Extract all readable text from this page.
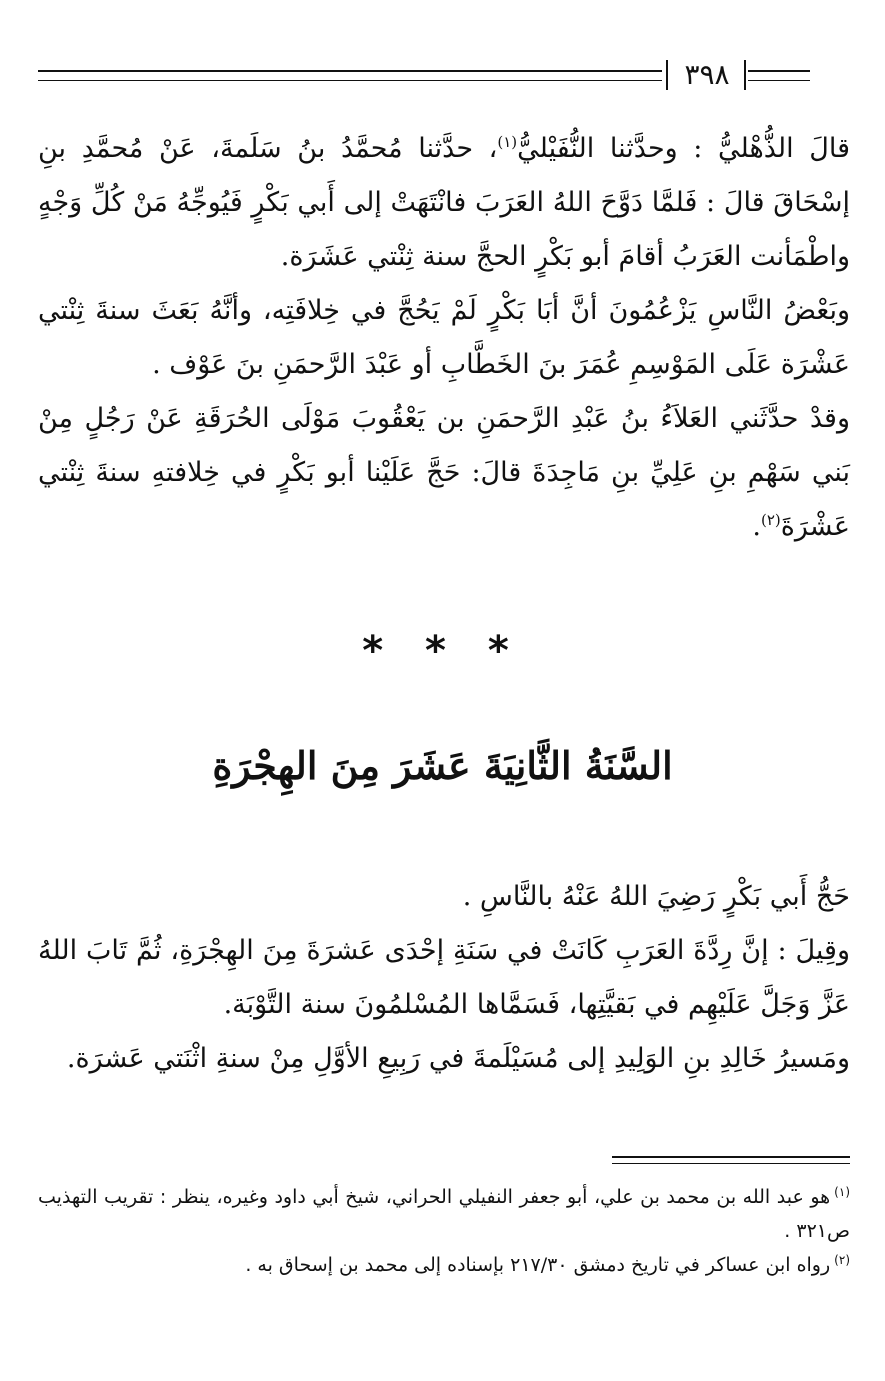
٣٩٨

قالَ الذُّهْليُّ : وحدَّثنا النُّفَيْليُّ$^{(١)}$، حدَّثنا مُحمَّدُ بنُ سَلَمةَ، عَنْ مُحمَّدِ بنِ إسْحَاقَ قالَ : فَلمَّا دَوَّحَ اللهُ العَرَبَ فانْتَهَتْ إلى أَبي بَكْرٍ فَيُوجِّهُ مَنْ كُلِّ وَجْهٍ واطْمَأنت العَرَبُ أقامَ أبو بَكْرٍ الحجَّ سنة ثِنْتي عَشَرَة.

وبَعْضُ النَّاسِ يَزْعُمُونَ أنَّ أبَا بَكْرٍ لَمْ يَحُجَّ في خِلافَتِه، وأنَّهُ بَعَثَ سنةَ ثِنْتي عَشْرَة عَلَى المَوْسِمِ عُمَرَ بنَ الخَطَّابِ أو عَبْدَ الرَّحمَنِ بنَ عَوْف .

وقدْ حدَّثَني العَلاَءُ بنُ عَبْدِ الرَّحمَنِ بن يَعْقُوبَ مَوْلَى الحُرَقَةِ عَنْ رَجُلٍ مِنْ بَني سَهْمِ بنِ عَلِيِّ بنِ مَاجِدَةَ قالَ: حَجَّ عَلَيْنا أبو بَكْرٍ في خِلافتهِ سنةَ ثِنْتي عَشْرَةَ$^{(٢)}$.

* * *
السَّنَةُ الثَّانِيَةَ عَشَرَ مِنَ الهِجْرَةِ

حَجُّ أَبي بَكْرٍ رَضِيَ اللهُ عَنْهُ بالنَّاسِ .

وقِيلَ : إنَّ رِدَّةَ العَرَبِ كَانَتْ في سَنَةِ إحْدَى عَشرَةَ مِنَ الهِجْرَةِ، ثُمَّ تَابَ اللهُ عَزَّ وَجَلَّ عَلَيْهِم في بَقيَّتِها، فَسَمَّاها المُسْلمُونَ سنة التَّوْبَة.

ومَسيرُ خَالِدِ بنِ الوَلِيدِ إلى مُسَيْلَمةَ في رَبِيعِ الأوَّلِ مِنْ سنةِ اثْنَتي عَشرَة.

$^{(١)}$هو عبد الله بن محمد بن علي، أبو جعفر النفيلي الحراني، شيخ أبي داود وغيره، ينظر : تقريب التهذيب ص٣٢١ .

$^{(٢)}$رواه ابن عساكر في تاريخ دمشق ٢١٧/٣٠ بإسناده إلى محمد بن إسحاق به .
